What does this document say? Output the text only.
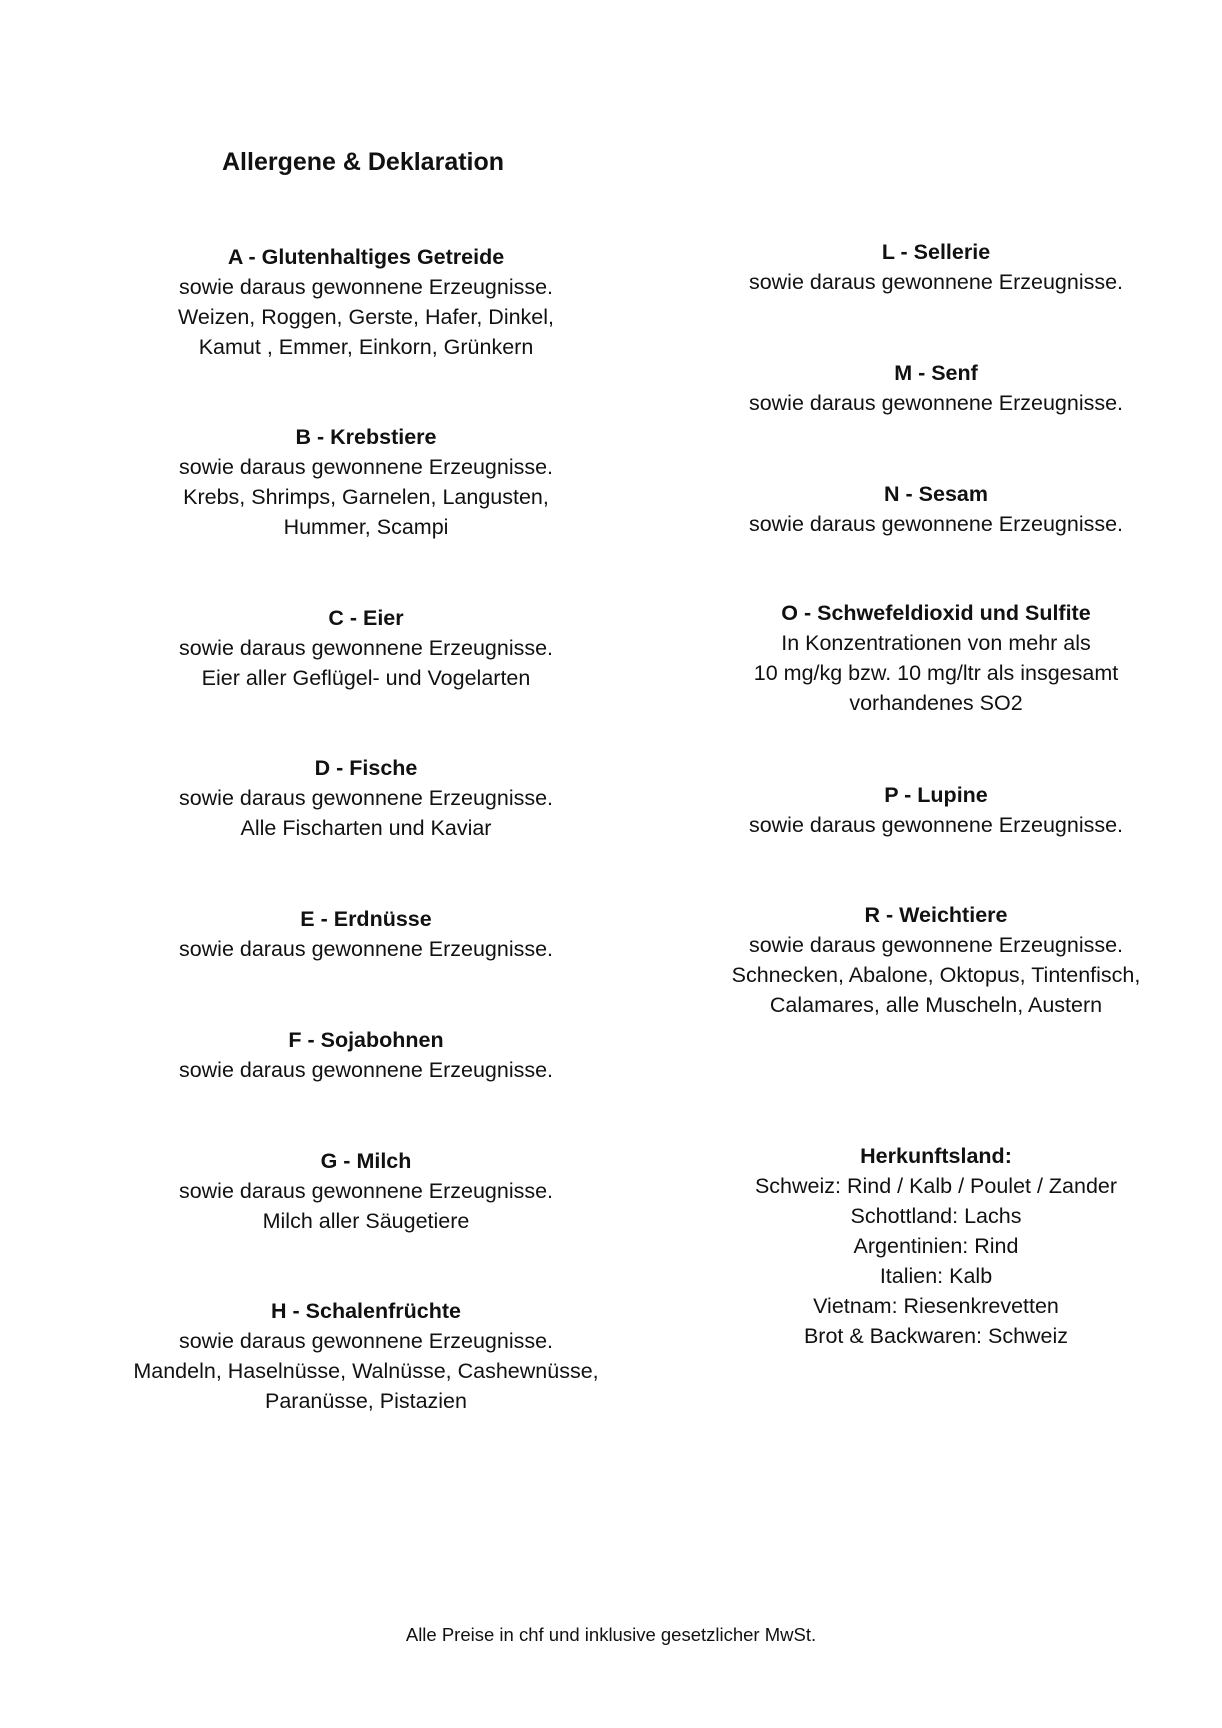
Allergene & Deklaration
A - Glutenhaltiges Getreide
sowie daraus gewonnene Erzeugnisse.
Weizen, Roggen, Gerste, Hafer, Dinkel,
Kamut , Emmer, Einkorn, Grünkern
B - Krebstiere
sowie daraus gewonnene Erzeugnisse.
Krebs, Shrimps, Garnelen, Langusten,
Hummer, Scampi
C - Eier
sowie daraus gewonnene Erzeugnisse.
Eier aller Geflügel- und Vogelarten
D - Fische
sowie daraus gewonnene Erzeugnisse.
Alle Fischarten und Kaviar
E - Erdnüsse
sowie daraus gewonnene Erzeugnisse.
F - Sojabohnen
sowie daraus gewonnene Erzeugnisse.
G - Milch
sowie daraus gewonnene Erzeugnisse.
Milch aller Säugetiere
H - Schalenfrüchte
sowie daraus gewonnene Erzeugnisse.
Mandeln, Haselnüsse, Walnüsse, Cashewnüsse,
Paranüsse, Pistazien
L - Sellerie
sowie daraus gewonnene Erzeugnisse.
M - Senf
sowie daraus gewonnene Erzeugnisse.
N - Sesam
sowie daraus gewonnene Erzeugnisse.
O - Schwefeldioxid und Sulfite
In Konzentrationen von mehr als
10 mg/kg bzw. 10 mg/ltr als insgesamt
vorhandenes SO2
P - Lupine
sowie daraus gewonnene Erzeugnisse.
R - Weichtiere
sowie daraus gewonnene Erzeugnisse.
Schnecken, Abalone, Oktopus, Tintenfisch,
Calamares, alle Muscheln, Austern
Herkunftsland:
Schweiz: Rind / Kalb / Poulet / Zander
Schottland: Lachs
Argentinien: Rind
Italien: Kalb
Vietnam: Riesenkrevetten
Brot & Backwaren: Schweiz
Alle Preise in chf und inklusive gesetzlicher MwSt.
